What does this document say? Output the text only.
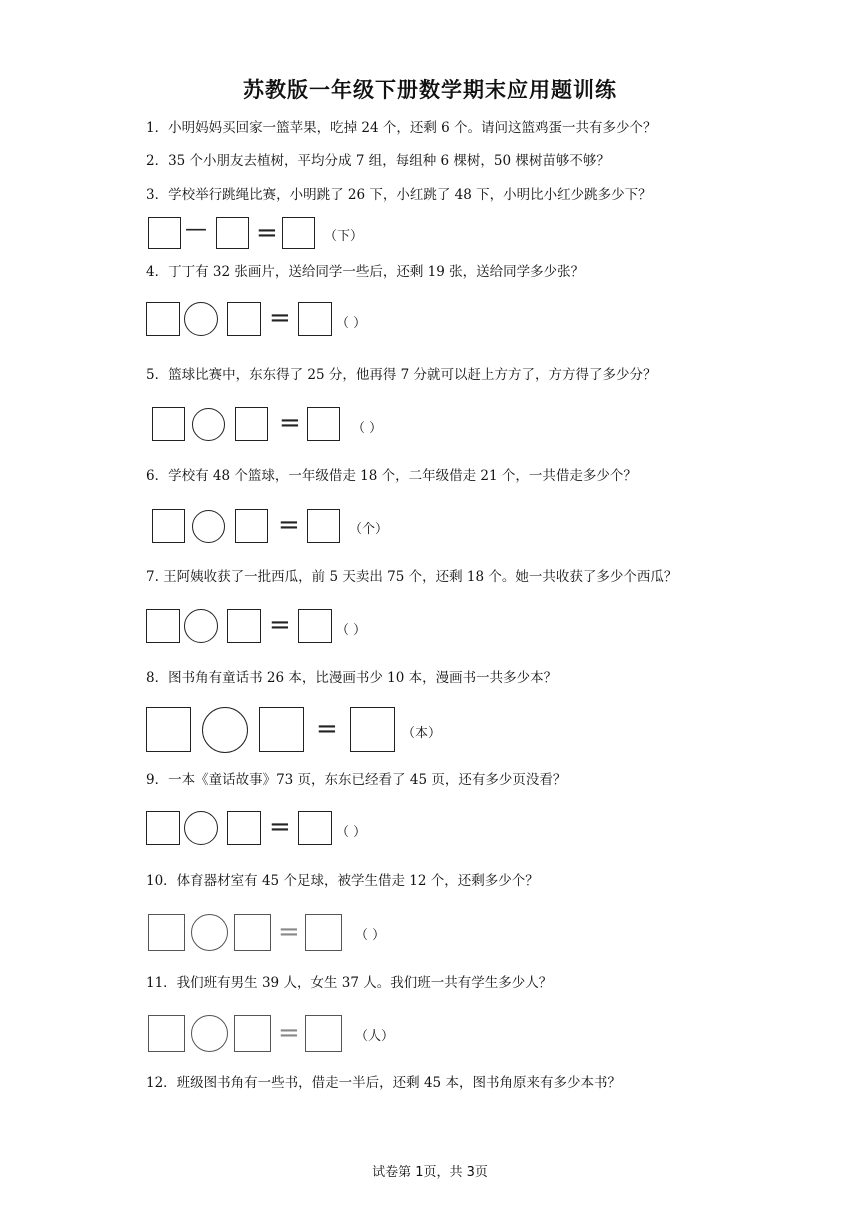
苏教版一年级下册数学期末应用题训练
1．小明妈妈买回家一篮苹果，吃掉 24 个，还剩 6 个。请问这篮鸡蛋一共有多少个？
2．35 个小朋友去植树，平均分成 7 组，每组种 6 棵树，50 棵树苗够不够？
3．学校举行跳绳比赛，小明跳了 26 下，小红跳了 48 下，小明比小红少跳多少下？
— =	（下）
4．丁丁有 32 张画片，送给同学一些后，还剩 19 张，送给同学多少张？
=	（ ）
5．篮球比赛中，东东得了 25 分，他再得 7 分就可以赶上方方了，方方得了多少分？
=	（ ）
6．学校有 48 个篮球，一年级借走 18 个，二年级借走 21 个，一共借走多少个？
=	（个）
7. 王阿姨收获了一批西瓜，前 5 天卖出 75 个，还剩 18 个。她一共收获了多少个西瓜？
=	（ ）
8．图书角有童话书 26 本，比漫画书少 10 本，漫画书一共多少本？
=	（本）
9．一本《童话故事》73 页，东东已经看了 45 页，还有多少页没看？
=	（ ）
10．体育器材室有 45 个足球，被学生借走 12 个，还剩多少个？
=	（ ）
11．我们班有男生 39 人，女生 37 人。我们班一共有学生多少人？
=	（人）
12．班级图书角有一些书，借走一半后，还剩 45 本，图书角原来有多少本书？
试卷第 1页，共 3页
